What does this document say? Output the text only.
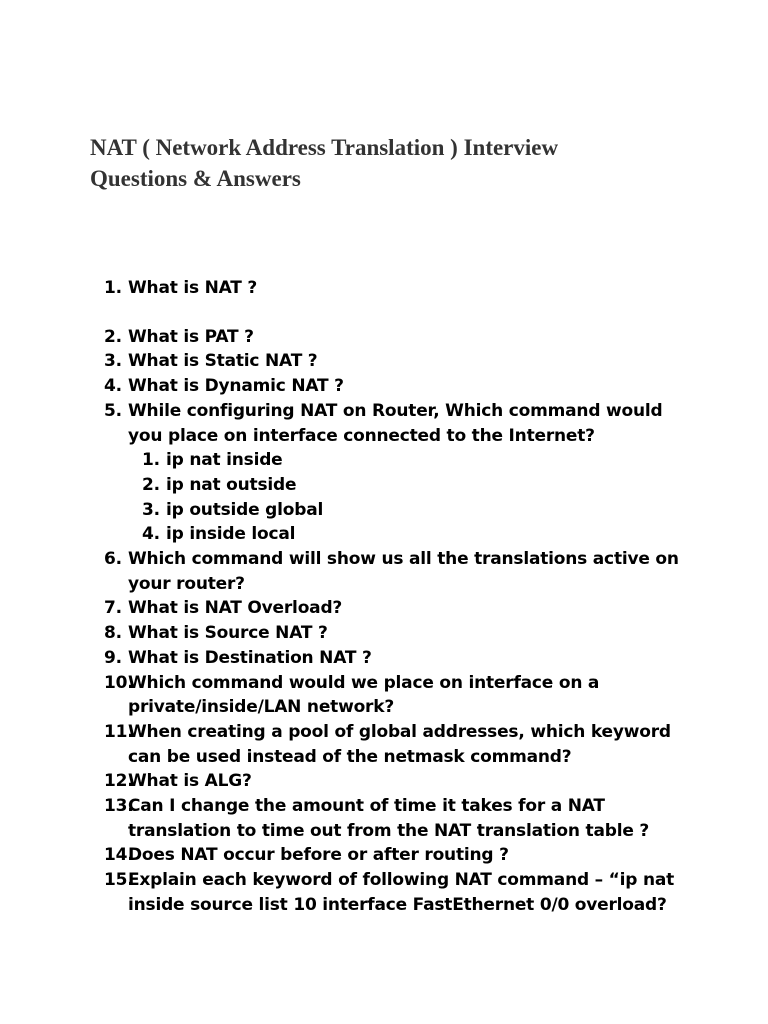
NAT ( Network Address Translation ) Interview Questions & Answers
1. What is NAT ?
2. What is PAT ?
3. What is Static NAT ?
4. What is Dynamic NAT ?
5. While configuring NAT on Router, Which command would you place on interface connected to the Internet?
1. ip nat inside
2. ip nat outside
3. ip outside global
4. ip inside local
6. Which command will show us all the translations active on your router?
7. What is NAT Overload?
8. What is Source NAT ?
9. What is Destination NAT ?
10.
Which command would we place on interface on a private/inside/LAN network?
11.
When creating a pool of global addresses, which keyword can be used instead of the netmask command?
12.
What is ALG?
13.
Can I change the amount of time it takes for a NAT translation to time out from the NAT translation table ?
14.
Does NAT occur before or after routing ?
15.
Explain each keyword of following NAT command – “ip nat inside source list 10 interface FastEthernet 0/0 overload?
